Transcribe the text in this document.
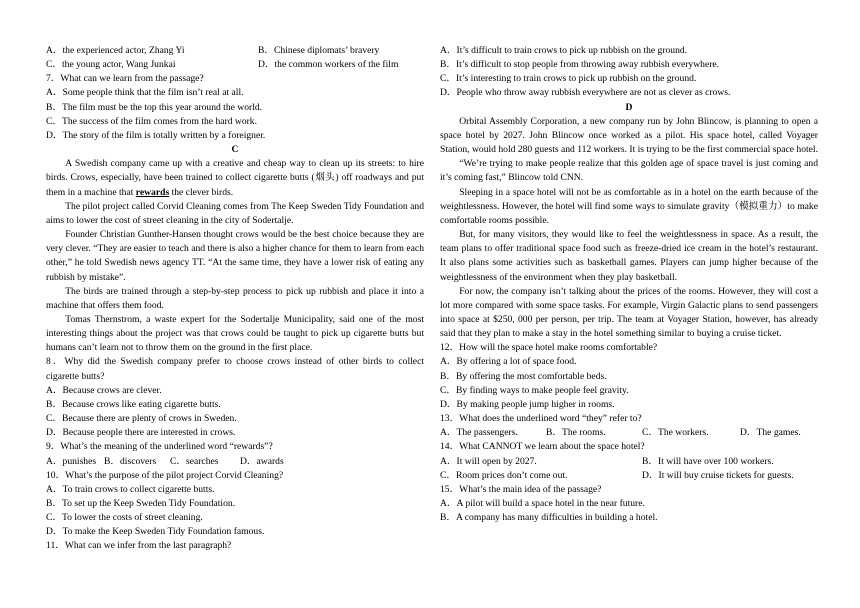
A．the experienced actor, Zhang Yi	B．Chinese diplomats’ bravery
C．the young actor, Wang Junkai	D．the common workers of the film
7．What can we learn from the passage?
A．Some people think that the film isn’t real at all.
B．The film must be the top this year around the world.
C．The success of the film comes from the hard work.
D．The story of the film is totally written by a foreigner.
C
A Swedish company came up with a creative and cheap way to clean up its streets: to hire birds. Crows, especially, have been trained to collect cigarette butts (烟头) off roadways and put them in a machine that rewards the clever birds.
The pilot project called Corvid Cleaning comes from The Keep Sweden Tidy Foundation and aims to lower the cost of street cleaning in the city of Sodertalje.
Founder Christian Gunther-Hansen thought crows would be the best choice because they are very clever. “They are easier to teach and there is also a higher chance for them to learn from each other,” he told Swedish news agency TT. “At the same time, they have a lower risk of eating any rubbish by mistake”.
The birds are trained through a step-by-step process to pick up rubbish and place it into a machine that offers them food.
Tomas Thernstrom, a waste expert for the Sodertalje Municipality, said one of the most interesting things about the project was that crows could be taught to pick up cigarette butts but humans can’t learn not to throw them on the ground in the first place.
8．Why did the Swedish company prefer to choose crows instead of other birds to collect cigarette butts?
A．Because crows are clever.
B．Because crows like eating cigarette butts.
C．Because there are plenty of crows in Sweden.
D．Because people there are interested in crows.
9．What’s the meaning of the underlined word “rewards”?
A．punishes B．discovers	C．searches	D．awards
10．What’s the purpose of the pilot project Corvid Cleaning?
A．To train crows to collect cigarette butts.
B．To set up the Keep Sweden Tidy Foundation.
C．To lower the costs of street cleaning.
D．To make the Keep Sweden Tidy Foundation famous.
11．What can we infer from the last paragraph?
A．It’s difficult to train crows to pick up rubbish on the ground.
B．It’s difficult to stop people from throwing away rubbish everywhere.
C．It’s interesting to train crows to pick up rubbish on the ground.
D．People who throw away rubbish everywhere are not as clever as crows.
D
Orbital Assembly Corporation, a new company run by John Blincow, is planning to open a space hotel by 2027. John Blincow once worked as a pilot. His space hotel, called Voyager Station, would hold 280 guests and 112 workers. It is trying to be the first commercial space hotel.
“We’re trying to make people realize that this golden age of space travel is just coming and it’s coming fast,” Blincow told CNN.
Sleeping in a space hotel will not be as comfortable as in a hotel on the earth because of the weightlessness. However, the hotel will find some ways to simulate gravity（模拟重力）to make comfortable rooms possible.
But, for many visitors, they would like to feel the weightlessness in space. As a result, the team plans to offer traditional space food such as freeze-dried ice cream in the hotel’s restaurant. It also plans some activities such as basketball games. Players can jump higher because of the weightlessness of the environment when they play basketball.
For now, the company isn’t talking about the prices of the rooms. However, they will cost a lot more compared with some space tasks. For example, Virgin Galactic plans to send passengers into space at $250, 000 per person, per trip. The team at Voyager Station, however, has already said that they plan to make a stay in the hotel something similar to buying a cruise ticket.
12．How will the space hotel make rooms comfortable?
A．By offering a lot of space food.
B．By offering the most comfortable beds.
C．By finding ways to make people feel gravity.
D．By making people jump higher in rooms.
13．What does the underlined word “they” refer to?
A．The passengers.	B．The rooms.	C．The workers.	D．The games.
14．What CANNOT we learn about the space hotel?
A．It will open by 2027.	B．It will have over 100 workers.
C．Room prices don’t come out.	D．It will buy cruise tickets for guests.
15．What’s the main idea of the passage?
A．A pilot will build a space hotel in the near future.
B．A company has many difficulties in building a hotel.
